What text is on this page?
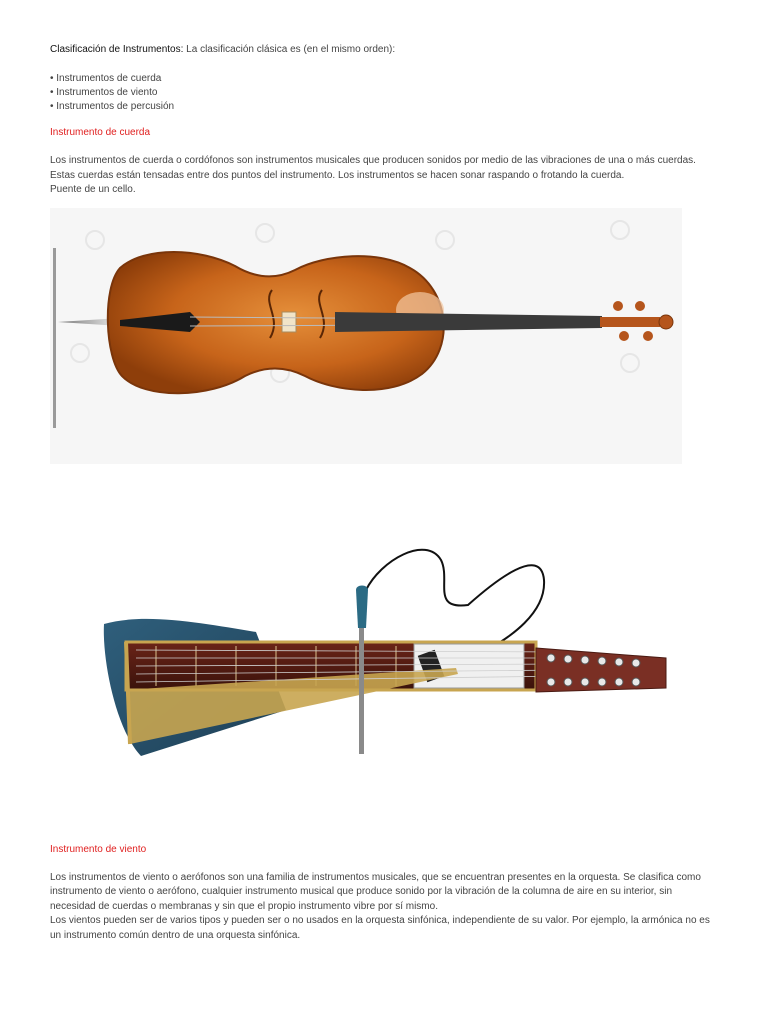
Clasificación de Instrumentos: La clasificación clásica es (en el mismo orden):
• Instrumentos de cuerda
• Instrumentos de viento
• Instrumentos de percusión
Instrumento de cuerda
Los instrumentos de cuerda o cordófonos son instrumentos musicales que producen sonidos por medio de las vibraciones de una o más cuerdas.
Estas cuerdas están tensadas entre dos puntos del instrumento. Los instrumentos se hacen sonar raspando o frotando la cuerda.
Puente de un cello.
Instrumento de viento
Los instrumentos de viento o aerófonos son una familia de instrumentos musicales, que se encuentran presentes en la orquesta. Se clasifica como
instrumento de viento o aerófono, cualquier instrumento musical que produce sonido por la vibración de la columna de aire en su interior, sin
necesidad de cuerdas o membranas y sin que el propio instrumento vibre por sí mismo.
Los vientos pueden ser de varios tipos y pueden ser o no usados en la orquesta sinfónica, independiente de su valor. Por ejemplo, la armónica no es
un instrumento común dentro de una orquesta sinfónica.
